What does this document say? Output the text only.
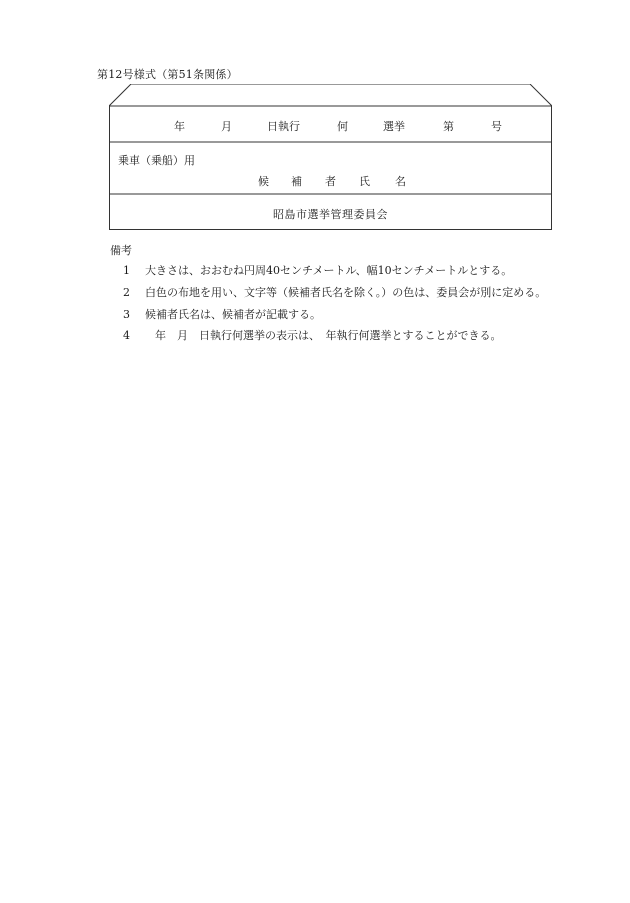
第12号様式（第51条関係）
年	月	日執行	何	選挙	第	号
乗車（乗船）用
候 補 者 氏 名
昭島市選挙管理委員会
備考
1 大きさは、おおむね円周40センチメートル、幅10センチメートルとする。
2 白色の布地を用い、文字等（候補者氏名を除く。）の色は、委員会が別に定める。
3 候補者氏名は、候補者が記載する。
4 年　月　日執行何選挙の表示は、　年執行何選挙とすることができる。
